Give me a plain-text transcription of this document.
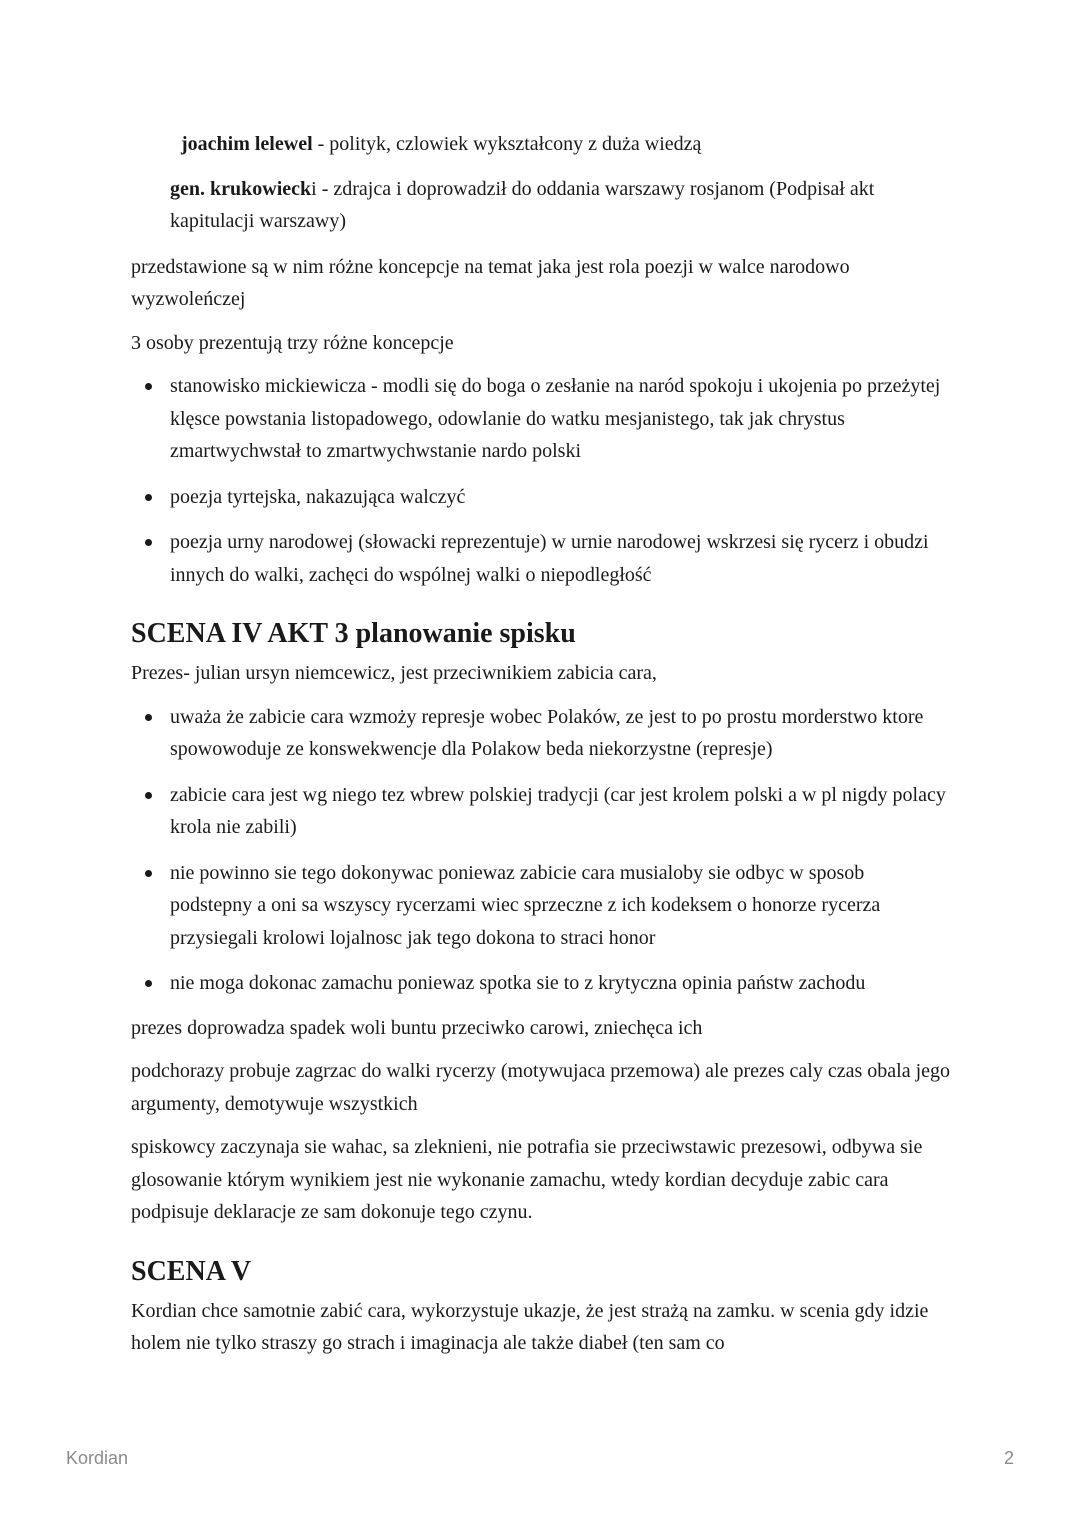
joachim lelewel - polityk, czlowiek wykształcony z duża wiedzą

gen. krukowiecki - zdrajca i doprowadził do oddania warszawy rosjanom (Podpisał akt kapitulacji warszawy)

przedstawione są w nim różne koncepcje na temat jaka jest rola poezji w walce narodowo wyzwoleńczej

3 osoby prezentują trzy różne koncepcje

stanowisko mickiewicza - modli się do boga o zesłanie na naród spokoju i ukojenia po przeżytej klęsce powstania listopadowego, odowlanie do watku mesjanistego, tak jak chrystus zmartwychwstał to zmartwychwstanie nardo polski
poezja tyrtejska, nakazująca walczyć
poezja urny narodowej (słowacki reprezentuje) w urnie narodowej wskrzesi się rycerz i obudzi innych do walki, zachęci do wspólnej walki o niepodległość
SCENA IV AKT 3 planowanie spisku

Prezes- julian ursyn niemcewicz, jest przeciwnikiem zabicia cara,

uważa że zabicie cara wzmoży represje wobec Polaków, ze jest to po prostu morderstwo ktore spowowoduje ze konswekwencje dla Polakow beda niekorzystne (represje)
zabicie cara jest wg niego tez wbrew polskiej tradycji (car jest krolem polski a w pl nigdy polacy krola nie zabili)
nie powinno sie tego dokonywac poniewaz zabicie cara musialoby sie odbyc w sposob podstepny a oni sa wszyscy rycerzami wiec sprzeczne z ich kodeksem o honorze rycerza przysiegali krolowi lojalnosc jak tego dokona to straci honor
nie moga dokonac zamachu poniewaz spotka sie to z krytyczna opinia państw zachodu

prezes doprowadza spadek woli buntu przeciwko carowi, zniechęca ich

podchorazy probuje zagrzac do walki rycerzy (motywujaca przemowa) ale prezes caly czas obala jego argumenty, demotywuje wszystkich

spiskowcy zaczynaja sie wahac, sa zleknieni, nie potrafia sie przeciwstawic prezesowi, odbywa sie glosowanie którym wynikiem jest nie wykonanie zamachu, wtedy kordian decyduje zabic cara podpisuje deklaracje ze sam dokonuje tego czynu.

SCENA V

Kordian chce samotnie zabić cara, wykorzystuje ukazje, że jest strażą na zamku. w scenia gdy idzie holem nie tylko straszy go strach i imaginacja ale także diabeł (ten sam co

Kordian	2
